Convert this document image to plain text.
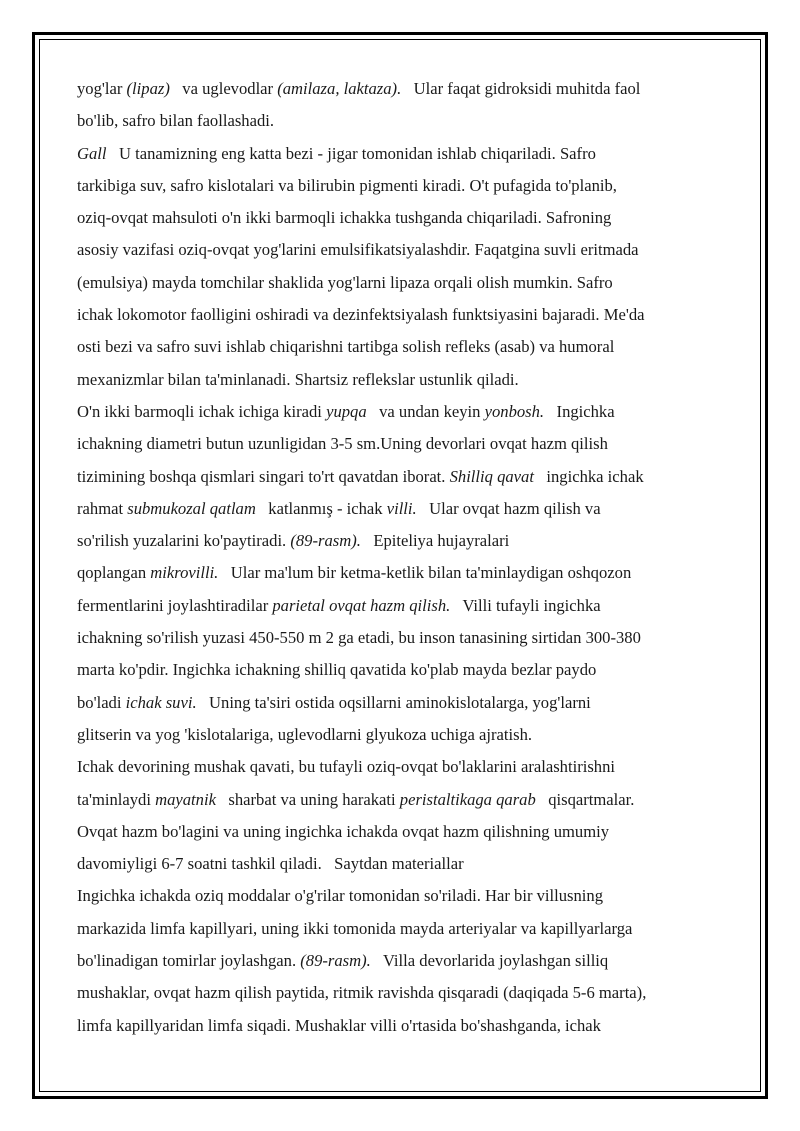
yog'lar (lipaz)   va uglevodlar (amilaza, laktaza).   Ular faqat gidroksidi muhitda faol
bo'lib, safro bilan faollashadi.
Gall   U tanamizning eng katta bezi - jigar tomonidan ishlab chiqariladi. Safro
tarkibiga suv, safro kislotalari va bilirubin pigmenti kiradi. O't pufagida to'planib,
oziq-ovqat mahsuloti o'n ikki barmoqli ichakka tushganda chiqariladi. Safroning
asosiy vazifasi oziq-ovqat yog'larini emulsifikatsiyalashdir. Faqatgina suvli eritmada
(emulsiya) mayda tomchilar shaklida yog'larni lipaza orqali olish mumkin. Safro
ichak lokomotor faolligini oshiradi va dezinfektsiyalash funktsiyasini bajaradi. Me'da
osti bezi va safro suvi ishlab chiqarishni tartibga solish refleks (asab) va humoral
mexanizmlar bilan ta'minlanadi. Shartsiz reflekslar ustunlik qiladi.
O'n ikki barmoqli ichak ichiga kiradi yupqa   va undan keyin yonbosh.   Ingichka
ichakning diametri butun uzunligidan 3-5 sm.Uning devorlari ovqat hazm qilish
tizimining boshqa qismlari singari to'rt qavatdan iborat. Shilliq qavat   ingichka ichak
rahmat submukozal qatlam   katlanmış - ichak villi.   Ular ovqat hazm qilish va
so'rilish yuzalarini ko'paytiradi. (89-rasm).   Epiteliya hujayralari
qoplangan mikrovilli.   Ular ma'lum bir ketma-ketlik bilan ta'minlaydigan oshqozon
fermentlarini joylashtiradilar parietal ovqat hazm qilish.   Villi tufayli ingichka
ichakning so'rilish yuzasi 450-550 m 2 ga etadi, bu inson tanasining sirtidan 300-380
marta ko'pdir. Ingichka ichakning shilliq qavatida ko'plab mayda bezlar paydo
bo'ladi ichak suvi.   Uning ta'siri ostida oqsillarni aminokislotalarga, yog'larni
glitserin va yog 'kislotalariga, uglevodlarni glyukoza uchiga ajratish.
Ichak devorining mushak qavati, bu tufayli oziq-ovqat bo'laklarini aralashtirishni
ta'minlaydi mayatnik   sharbat va uning harakati peristaltikaga qarab   qisqartmalar.
Ovqat hazm bo'lagini va uning ingichka ichakda ovqat hazm qilishning umumiy
davomiyligi 6-7 soatni tashkil qiladi.   Saytdan materiallar
Ingichka ichakda oziq moddalar o'g'rilar tomonidan so'riladi. Har bir villusning
markazida limfa kapillyari, uning ikki tomonida mayda arteriyalar va kapillyarlarga
bo'linadigan tomirlar joylashgan. (89-rasm).   Villa devorlarida joylashgan silliq
mushaklar, ovqat hazm qilish paytida, ritmik ravishda qisqaradi (daqiqada 5-6 marta),
limfa kapillyaridan limfa siqadi. Mushaklar villi o'rtasida bo'shashganda, ichak
